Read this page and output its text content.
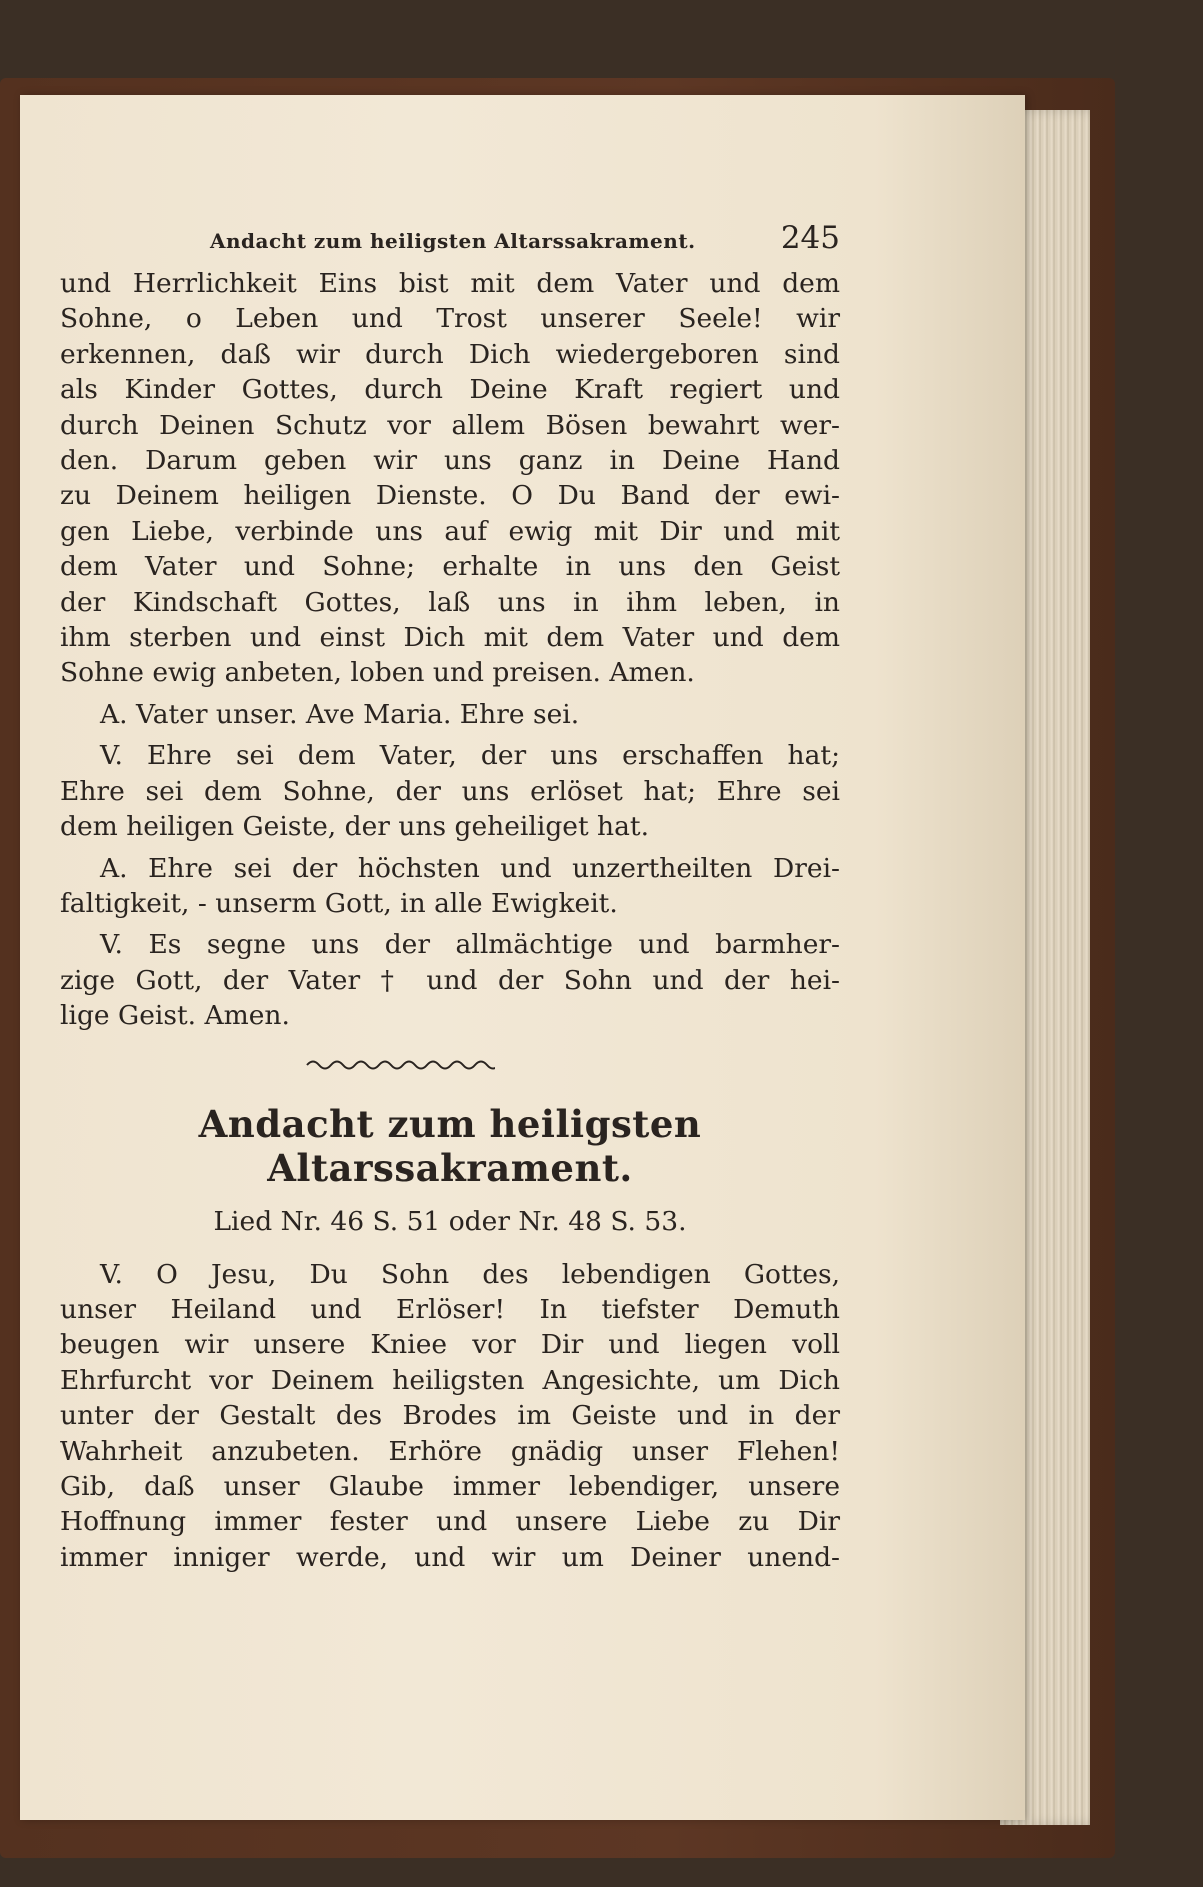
Andacht zum heiligsten Altarssakrament.	245
und Herrlichkeit Eins bist mit dem Vater und dem
Sohne, o Leben und Trost unserer Seele! wir
erkennen, daß wir durch Dich wiedergeboren sind
als Kinder Gottes, durch Deine Kraft regiert und
durch Deinen Schutz vor allem Bösen bewahrt wer-
den. Darum geben wir uns ganz in Deine Hand
zu Deinem heiligen Dienste. O Du Band der ewi-
gen Liebe, verbinde uns auf ewig mit Dir und mit
dem Vater und Sohne; erhalte in uns den Geist
der Kindschaft Gottes, laß uns in ihm leben, in
ihm sterben und einst Dich mit dem Vater und dem
Sohne ewig anbeten, loben und preisen. Amen.
A. Vater unser. Ave Maria. Ehre sei.
V. Ehre sei dem Vater, der uns erschaffen hat;
Ehre sei dem Sohne, der uns erlöset hat; Ehre sei
dem heiligen Geiste, der uns geheiliget hat.
A. Ehre sei der höchsten und unzertheilten Drei-
faltigkeit, - unserm Gott, in alle Ewigkeit.
V. Es segne uns der allmächtige und barmher-
zige Gott, der Vater † und der Sohn und der hei-
lige Geist. Amen.
Andacht zum heiligsten Altarssakrament.
Lied Nr. 46 S. 51 oder Nr. 48 S. 53.
V. O Jesu, Du Sohn des lebendigen Gottes,
unser Heiland und Erlöser! In tiefster Demuth
beugen wir unsere Kniee vor Dir und liegen voll
Ehrfurcht vor Deinem heiligsten Angesichte, um Dich
unter der Gestalt des Brodes im Geiste und in der
Wahrheit anzubeten. Erhöre gnädig unser Flehen!
Gib, daß unser Glaube immer lebendiger, unsere
Hoffnung immer fester und unsere Liebe zu Dir
immer inniger werde, und wir um Deiner unend-
